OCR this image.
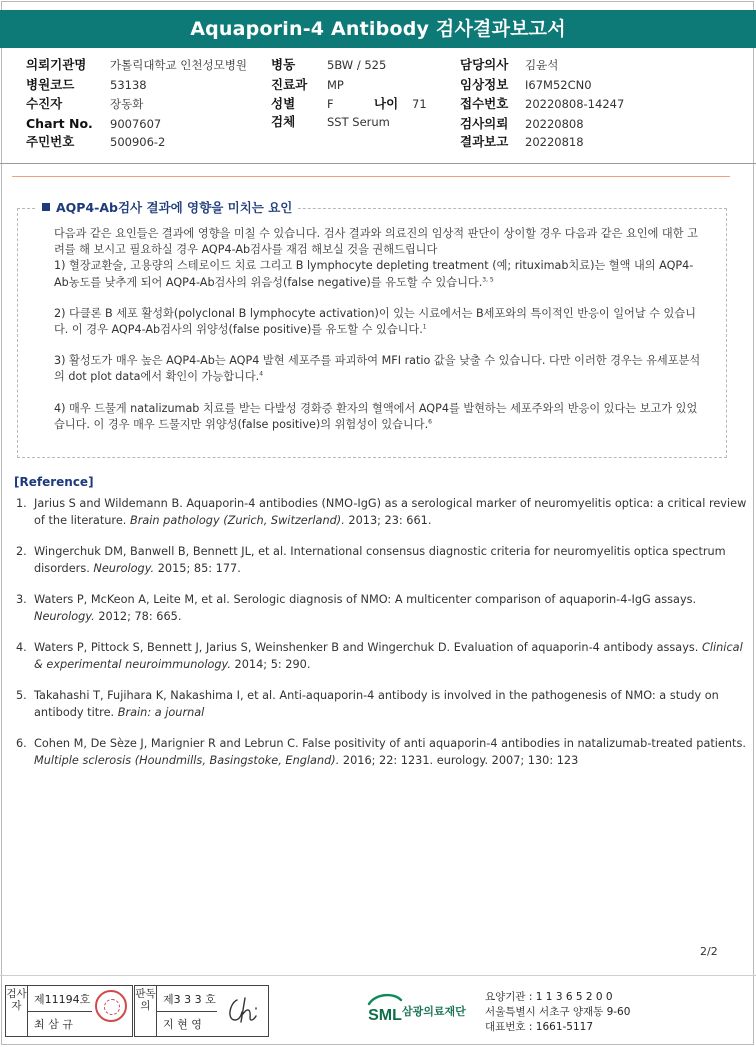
Aquaporin-4 Antibody 검사결과보고서
의뢰기관명 가톨릭대학교 인천성모병원
병원코드	53138
수진자	장동화
Chart No. 9007607
주민번호	500906-2
병동	5BW / 525
진료과 MP
성별	F	나이 71
검체	SST Serum
담당의사 김윤석
임상정보 I67M52CN0
접수번호 20220808-14247
검사의뢰 20220808
결과보고 20220818
AQP4-Ab검사 결과에 영향을 미치는 요인

다음과 같은 요인들은 결과에 영향을 미칠 수 있습니다. 검사 결과와 의료진의 임상적 판단이 상이할 경우 다음과 같은 요인에 대한 고려를 해 보시고 필요하실 경우 AQP4-Ab검사를 재검 해보실 것을 권해드립니다

1) 혈장교환술, 고용량의 스테로이드 치료 그리고 B lymphocyte depleting treatment (예; rituximab치료)는 혈액 내의 AQP4-Ab농도를 낮추게 되어 AQP4-Ab검사의 위음성(false negative)를 유도할 수 있습니다.$^{3, 5}$

2) 다클론 B 세포 활성화(polyclonal B lymphocyte activation)이 있는 시료에서는 B세포와의 특이적인 반응이 일어날 수 있습니다. 이 경우 AQP4-Ab검사의 위양성(false positive)를 유도할 수 있습니다.$^1$

3) 활성도가 매우 높은 AQP4-Ab는 AQP4 발현 세포주를 파괴하여 MFI ratio 값을 낮출 수 있습니다. 다만 이러한 경우는 유세포분석의 dot plot data에서 확인이 가능합니다.$^4$

4) 매우 드물게 natalizumab 치료를 받는 다발성 경화증 환자의 혈액에서 AQP4를 발현하는 세포주와의 반응이 있다는 보고가 있었습니다. 이 경우 매우 드물지만 위양성(false positive)의 위험성이 있습니다.$^6$

[Reference]
1. Jarius S and Wildemann B. Aquaporin-4 antibodies (NMO-IgG) as a serological marker of neuromyelitis optica: a critical review of the literature. Brain pathology (Zurich, Switzerland). 2013; 23: 661.
2. Wingerchuk DM, Banwell B, Bennett JL, et al. International consensus diagnostic criteria for neuromyelitis optica spectrum disorders. Neurology. 2015; 85: 177.
3. Waters P, McKeon A, Leite M, et al. Serologic diagnosis of NMO: A multicenter comparison of aquaporin-4-IgG assays. Neurology. 2012; 78: 665.
4. Waters P, Pittock S, Bennett J, Jarius S, Weinshenker B and Wingerchuk D. Evaluation of aquaporin-4 antibody assays. Clinical & experimental neuroimmunology. 2014; 5: 290.
5. Takahashi T, Fujihara K, Nakashima I, et al. Anti-aquaporin-4 antibody is involved in the pathogenesis of NMO: a study on antibody titre. Brain: a journal
6. Cohen M, De Sèze J, Marignier R and Lebrun C. False positivity of anti aquaporin-4 antibodies in natalizumab-treated patients. Multiple sclerosis (Houndmills, Basingstoke, England). 2016; 22: 1231. eurology. 2007; 130: 123
2/2
검사자	제11194호
최 삼 규
판독의	제3 3 3 호
지 현 영
SML 삼광의료재단
요양기관 : 1 1 3 6 5 2 0 0
서울특별시 서초구 양재동 9-60
대표번호 : 1661-5117
